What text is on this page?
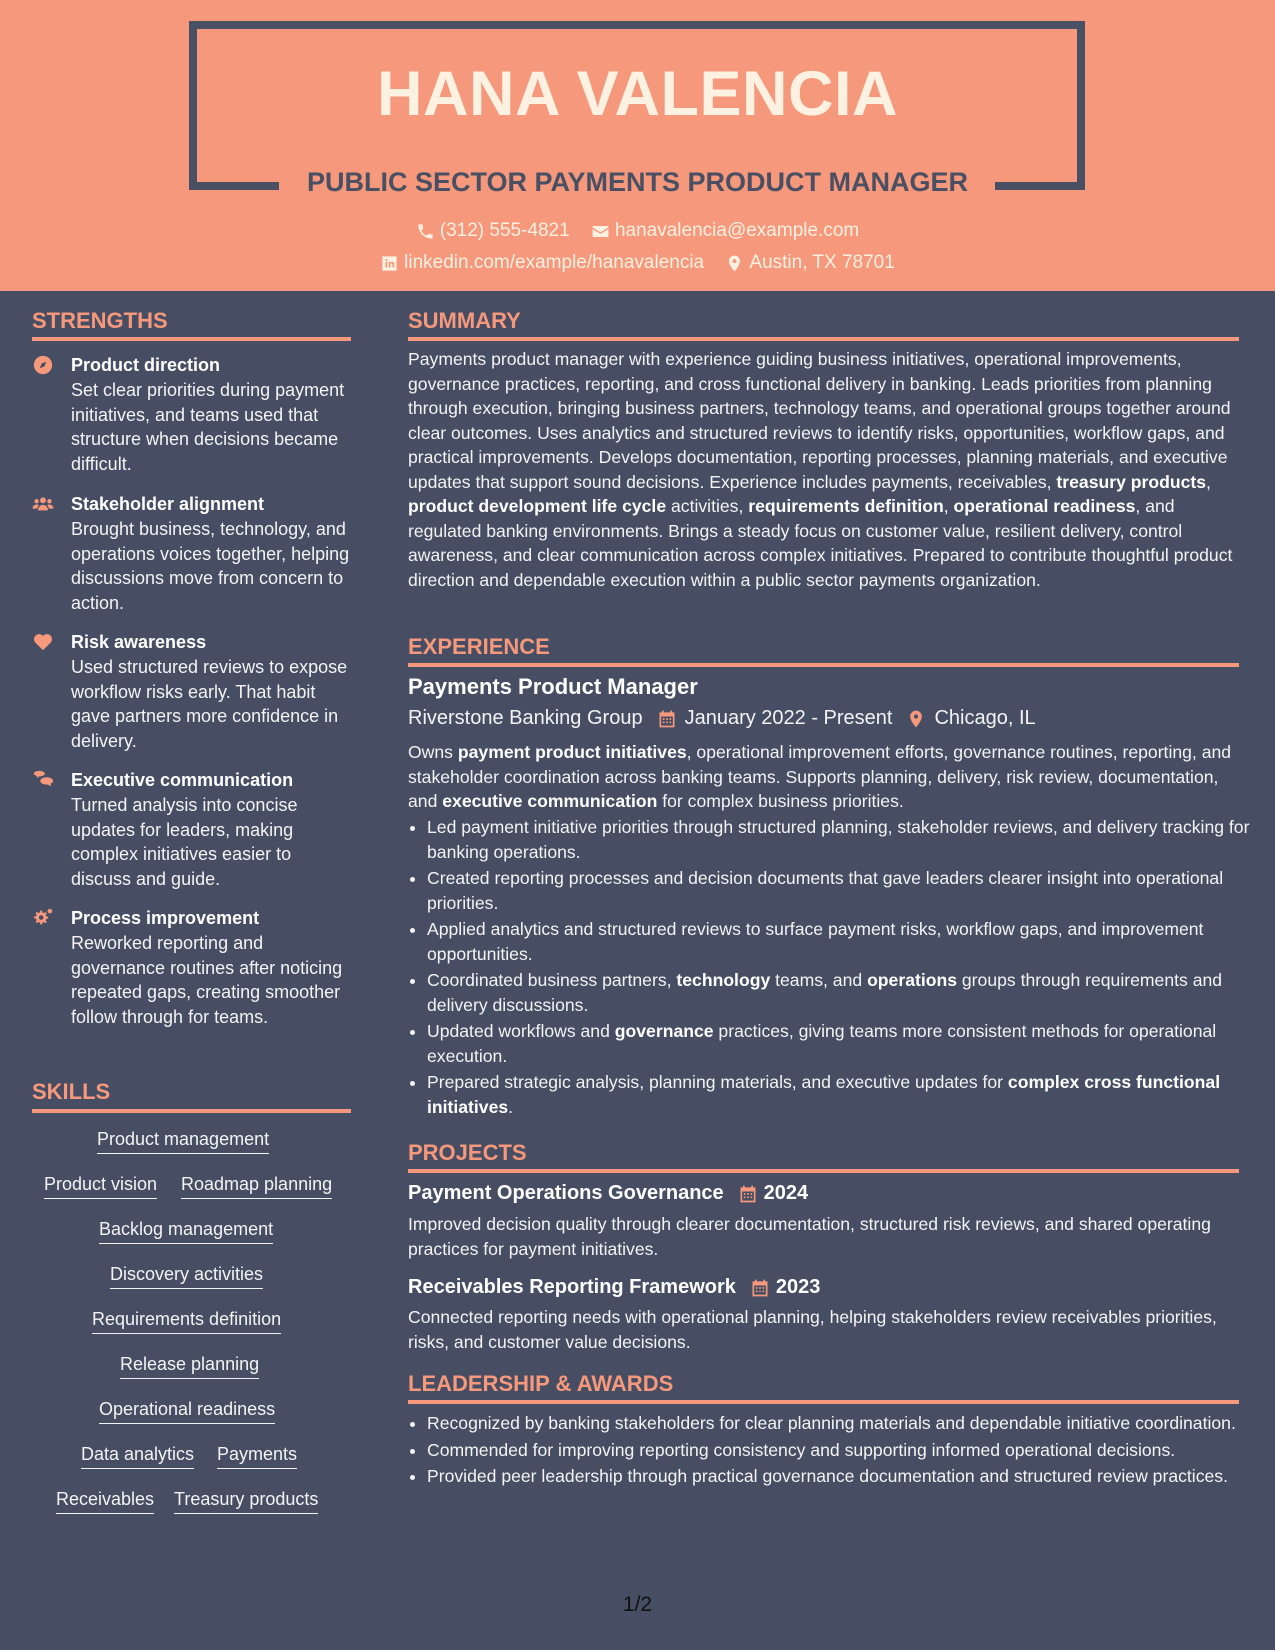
HANA VALENCIA
PUBLIC SECTOR PAYMENTS PRODUCT MANAGER
(312) 555-4821
hanavalencia@example.com
linkedin.com/example/hanavalencia
Austin, TX 78701
STRENGTHS
Product direction
Set clear priorities during payment initiatives, and teams used that structure when decisions became difficult.
Stakeholder alignment
Brought business, technology, and operations voices together, helping discussions move from concern to action.
Risk awareness
Used structured reviews to expose workflow risks early. That habit gave partners more confidence in delivery.
Executive communication
Turned analysis into concise updates for leaders, making complex initiatives easier to discuss and guide.
Process improvement
Reworked reporting and governance routines after noticing repeated gaps, creating smoother follow through for teams.
SKILLS
Product management
Product vision Roadmap planning
Backlog management
Discovery activities
Requirements definition
Release planning
Operational readiness
Data analytics Payments
Receivables Treasury products
SUMMARY
Payments product manager with experience guiding business initiatives, operational improvements, governance practices, reporting, and cross functional delivery in banking. Leads priorities from planning through execution, bringing business partners, technology teams, and operational groups together around clear outcomes. Uses analytics and structured reviews to identify risks, opportunities, workflow gaps, and practical improvements. Develops documentation, reporting processes, planning materials, and executive updates that support sound decisions. Experience includes payments, receivables, treasury products, product development life cycle activities, requirements definition, operational readiness, and regulated banking environments. Brings a steady focus on customer value, resilient delivery, control awareness, and clear communication across complex initiatives. Prepared to contribute thoughtful product direction and dependable execution within a public sector payments organization.
EXPERIENCE
Payments Product Manager
Riverstone Banking Group January 2022 - Present Chicago, IL
Owns payment product initiatives, operational improvement efforts, governance routines, reporting, and stakeholder coordination across banking teams. Supports planning, delivery, risk review, documentation, and executive communication for complex business priorities.
• Led payment initiative priorities through structured planning, stakeholder reviews, and delivery tracking for banking operations.
• Created reporting processes and decision documents that gave leaders clearer insight into operational priorities.
• Applied analytics and structured reviews to surface payment risks, workflow gaps, and improvement opportunities.
• Coordinated business partners, technology teams, and operations groups through requirements and delivery discussions.
• Updated workflows and governance practices, giving teams more consistent methods for operational execution.
• Prepared strategic analysis, planning materials, and executive updates for complex cross functional initiatives.
PROJECTS
Payment Operations Governance 2024
Improved decision quality through clearer documentation, structured risk reviews, and shared operating practices for payment initiatives.
Receivables Reporting Framework 2023
Connected reporting needs with operational planning, helping stakeholders review receivables priorities, risks, and customer value decisions.
LEADERSHIP & AWARDS
• Recognized by banking stakeholders for clear planning materials and dependable initiative coordination.
• Commended for improving reporting consistency and supporting informed operational decisions.
• Provided peer leadership through practical governance documentation and structured review practices.
1/2
